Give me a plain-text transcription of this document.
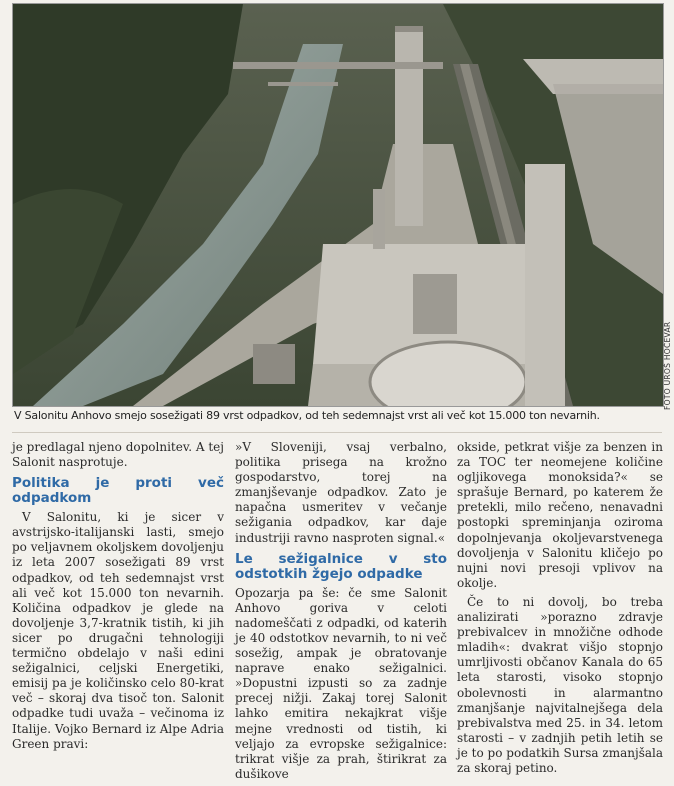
FOTO UROŠ HOČEVAR
V Salonitu Anhovo smejo sosežigati 89 vrst odpadkov, od teh sedemnajst vrst ali več kot 15.000 ton nevarnih.

je predlagal njeno dopolnitev. A tej Salonit nasprotuje.

Politika je proti več odpadkom

V Salonitu, ki je sicer v avstrijsko-italijanski lasti, smejo po veljavnem okoljskem dovoljenju iz leta 2007 sosežigati 89 vrst odpadkov, od teh sedemnajst vrst ali več kot 15.000 ton nevarnih. Količina odpadkov je glede na dovoljenje 3,7-kratnik tistih, ki jih sicer po drugačni tehnologiji termično obdelajo v naši edini sežigalnici, celjski Energetiki, emisij pa je količinsko celo 80-krat več – skoraj dva tisoč ton. Salonit odpadke tudi uvaža – večinoma iz Italije. Vojko Bernard iz Alpe Adria Green pravi:

»V Sloveniji, vsaj verbalno, politika prisega na krožno gospodarstvo, torej na zmanjševanje odpadkov. Zato je napačna usmeritev v večanje sežigania odpadkov, kar daje industriji ravno nasproten signal.«

Le sežigalnice v sto odstotkih žgejo odpadke

Opozarja pa še: če sme Salonit Anhovo goriva v celoti nadomeščati z odpadki, od katerih je 40 odstotkov nevarnih, to ni več sosežig, ampak je obratovanje naprave enako sežigalnici. »Dopustni izpusti so za zadnje precej nižji. Zakaj torej Salonit lahko emitira nekajkrat višje mejne vrednosti od tistih, ki veljajo za evropske sežigalnice: trikrat višje za prah, štirikrat za dušikove

okside, petkrat višje za benzen in za TOC ter neomejene količine ogljikovega monoksida?« se sprašuje Bernard, po katerem že pretekli, milo rečeno, nenavadni postopki spreminjanja oziroma dopolnjevanja okoljevarstvenega dovoljenja v Salonitu kličejo po nujni novi presoji vplivov na okolje.

Če to ni dovolj, bo treba analizirati »porazno zdravje prebivalcev in množične odhode mladih«: dvakrat višjo stopnjo umrljivosti občanov Kanala do 65 leta starosti, visoko stopnjo obolevnosti in alarmantno zmanjšanje najvitalnejšega dela prebivalstva med 25. in 34. letom starosti – v zadnjih petih letih se je to po podatkih Sursa zmanjšala za skoraj petino.
